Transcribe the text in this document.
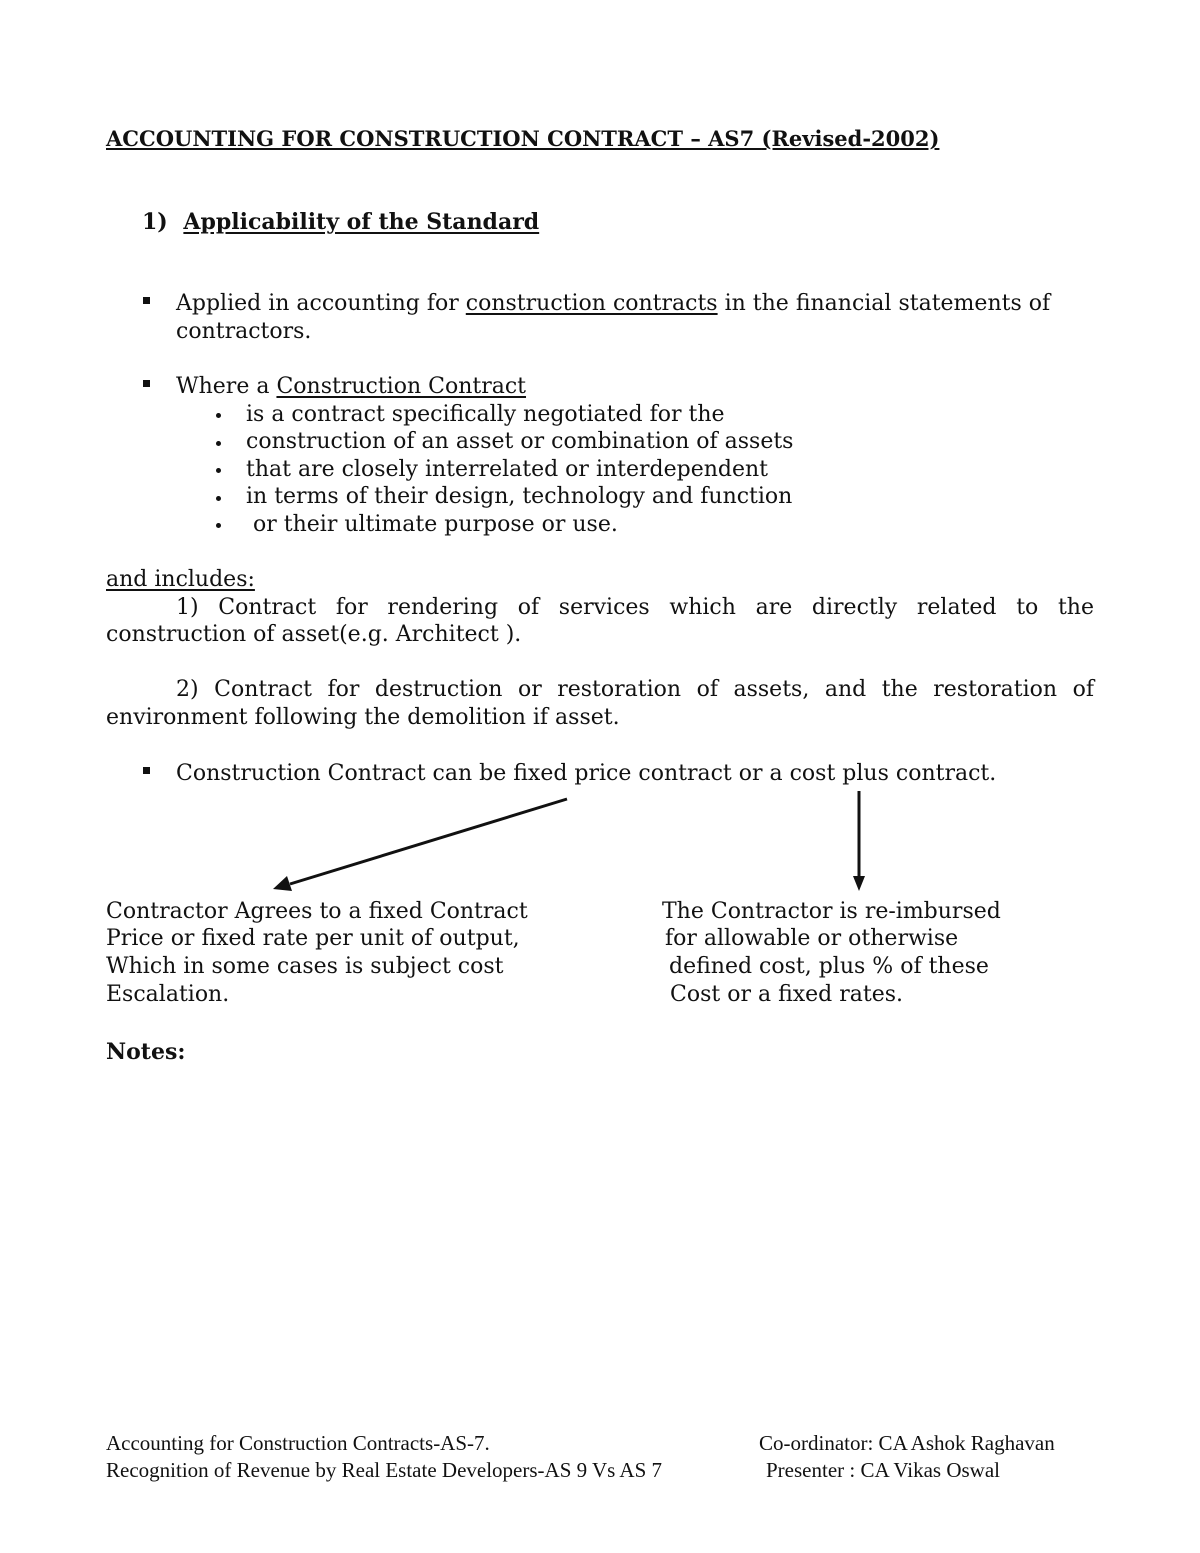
ACCOUNTING FOR CONSTRUCTION CONTRACT – AS7 (Revised-2002)
1) Applicability of the Standard
Applied in accounting for construction contracts in the financial statements of
contractors.
Where a Construction Contract
is a contract specifically negotiated for the
construction of an asset or combination of assets
that are closely interrelated or interdependent
in terms of their design, technology and function
or their ultimate purpose or use.
and includes:
1) Contract for rendering of services which are directly related to the
construction of asset(e.g. Architect ).
2) Contract for destruction or restoration of assets, and the restoration of
environment following the demolition if asset.
Construction Contract can be fixed price contract or a cost plus contract.
Contractor Agrees to a fixed Contract
Price or fixed rate per unit of output,
Which in some cases is subject cost
Escalation.
The Contractor is re-imbursed
for allowable or otherwise
defined cost, plus % of these
Cost or a fixed rates.
Notes:
Accounting for Construction Contracts-AS-7.
Recognition of Revenue by Real Estate Developers-AS 9 Vs AS 7
Co-ordinator: CA Ashok Raghavan
Presenter : CA Vikas Oswal
